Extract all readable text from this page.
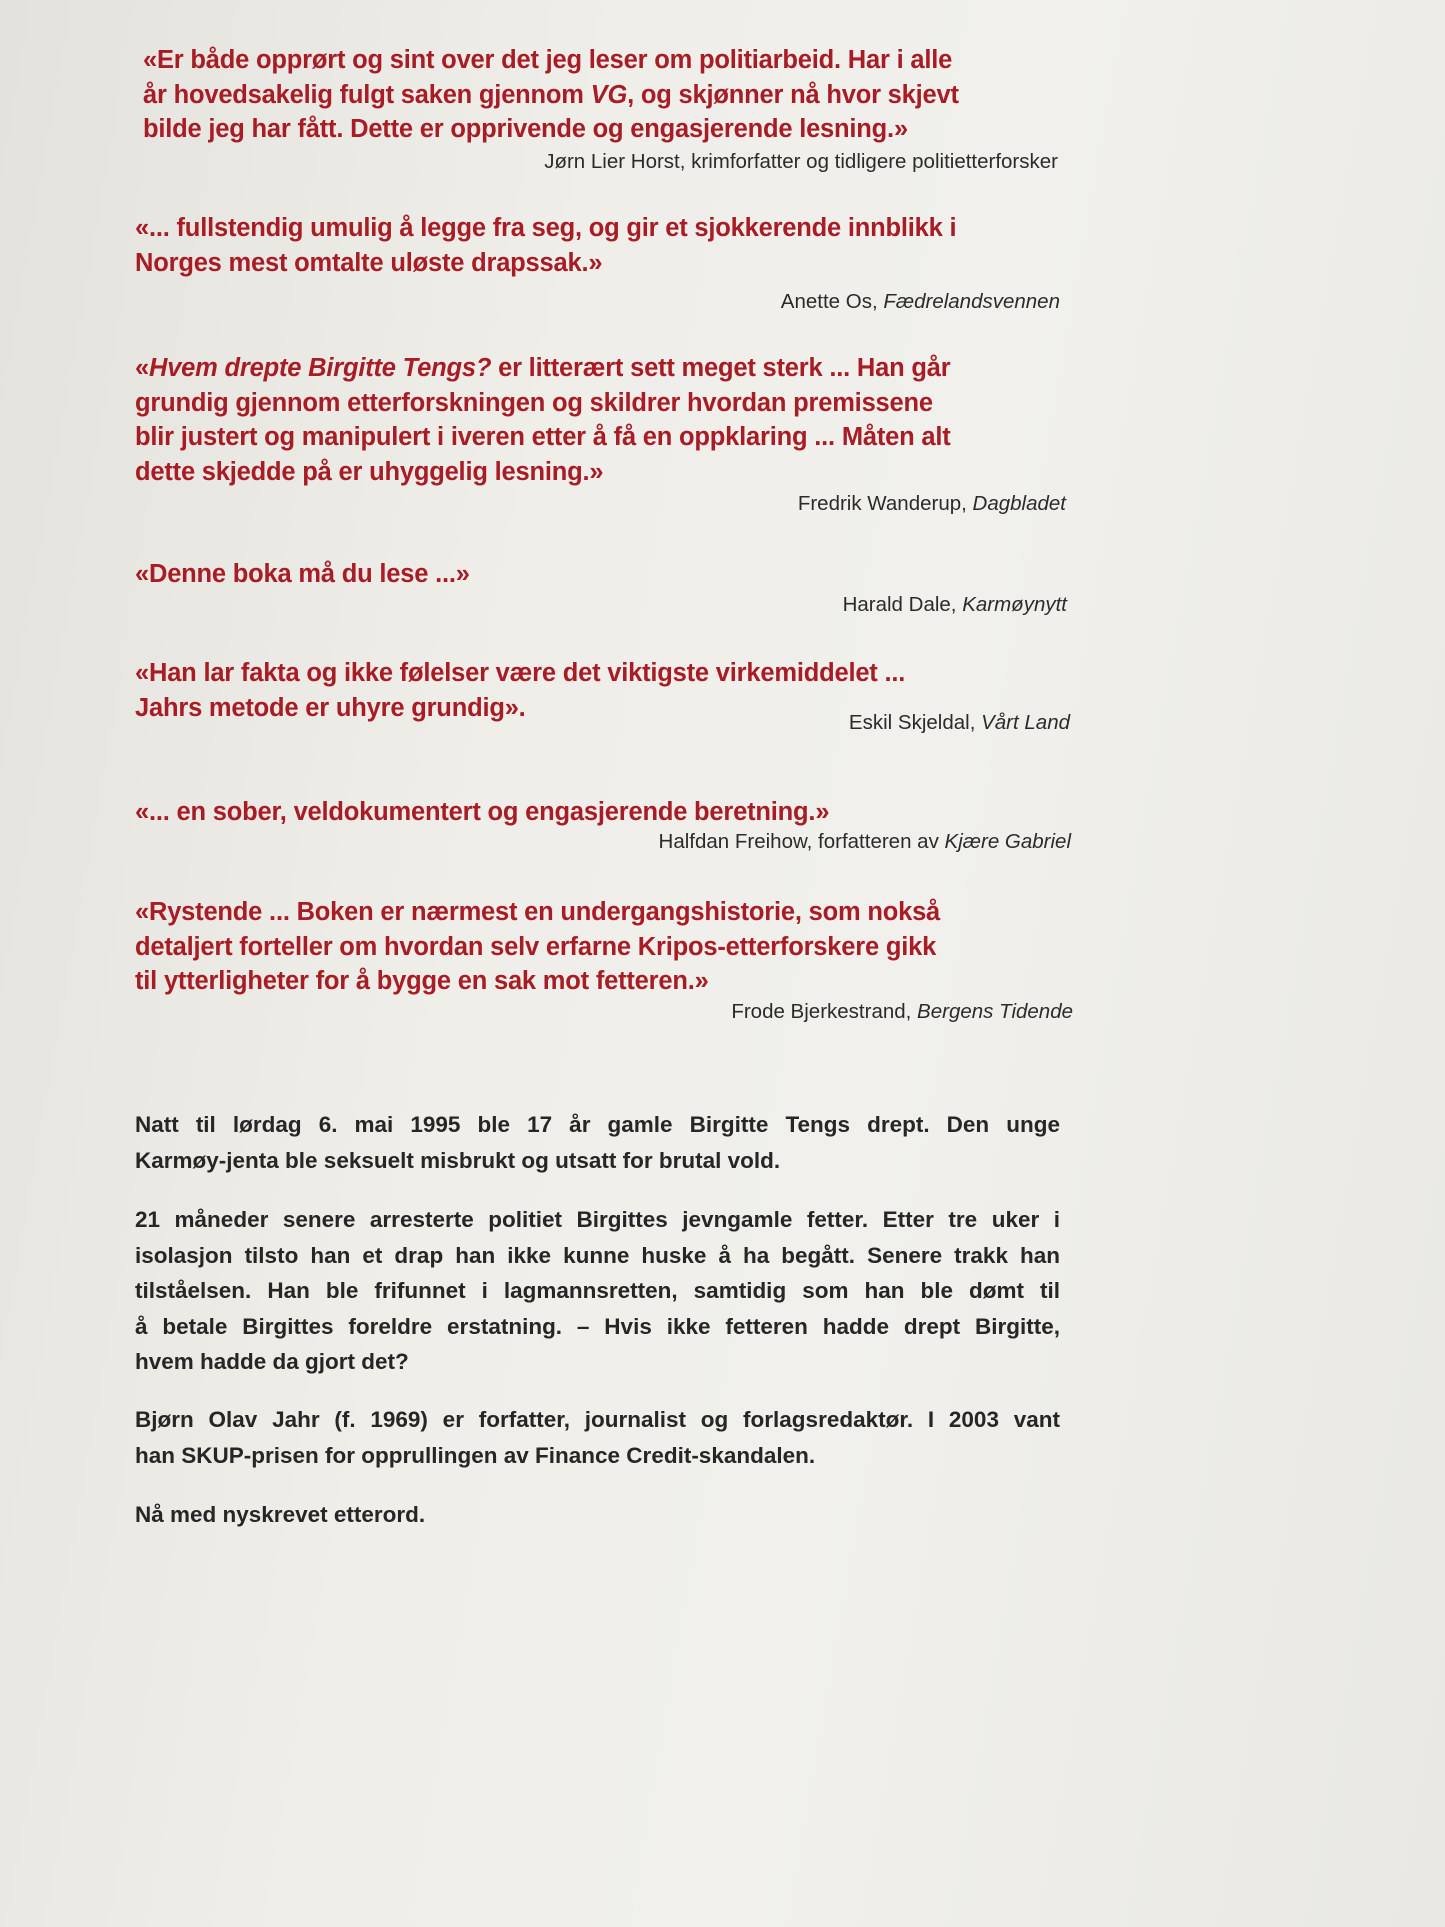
«Er både opprørt og sint over det jeg leser om politiarbeid. Har i alle
år hovedsakelig fulgt saken gjennom VG, og skjønner nå hvor skjevt
bilde jeg har fått. Dette er opprivende og engasjerende lesning.»
Jørn Lier Horst, krimforfatter og tidligere politietterforsker
«... fullstendig umulig å legge fra seg, og gir et sjokkerende innblikk i
Norges mest omtalte uløste drapssak.»
Anette Os, Fædrelandsvennen
«Hvem drepte Birgitte Tengs? er litterært sett meget sterk ... Han går
grundig gjennom etterforskningen og skildrer hvordan premissene
blir justert og manipulert i iveren etter å få en oppklaring ... Måten alt
dette skjedde på er uhyggelig lesning.»
Fredrik Wanderup, Dagbladet
«Denne boka må du lese ...»
Harald Dale, Karmøynytt
«Han lar fakta og ikke følelser være det viktigste virkemiddelet ...
Jahrs metode er uhyre grundig».
Eskil Skjeldal, Vårt Land
«... en sober, veldokumentert og engasjerende beretning.»
Halfdan Freihow, forfatteren av Kjære Gabriel
«Rystende ... Boken er nærmest en undergangshistorie, som nokså
detaljert forteller om hvordan selv erfarne Kripos-etterforskere gikk
til ytterligheter for å bygge en sak mot fetteren.»
Frode Bjerkestrand, Bergens Tidende
Natt til lørdag 6. mai 1995 ble 17 år gamle Birgitte Tengs drept. Den unge
Karmøy-jenta ble seksuelt misbrukt og utsatt for brutal vold.
21 måneder senere arresterte politiet Birgittes jevngamle fetter. Etter tre uker i
isolasjon tilsto han et drap han ikke kunne huske å ha begått. Senere trakk han
tilståelsen. Han ble frifunnet i lagmannsretten, samtidig som han ble dømt til
å betale Birgittes foreldre erstatning. – Hvis ikke fetteren hadde drept Birgitte,
hvem hadde da gjort det?
Bjørn Olav Jahr (f. 1969) er forfatter, journalist og forlagsredaktør. I 2003 vant
han SKUP-prisen for opprullingen av Finance Credit-skandalen.
Nå med nyskrevet etterord.
